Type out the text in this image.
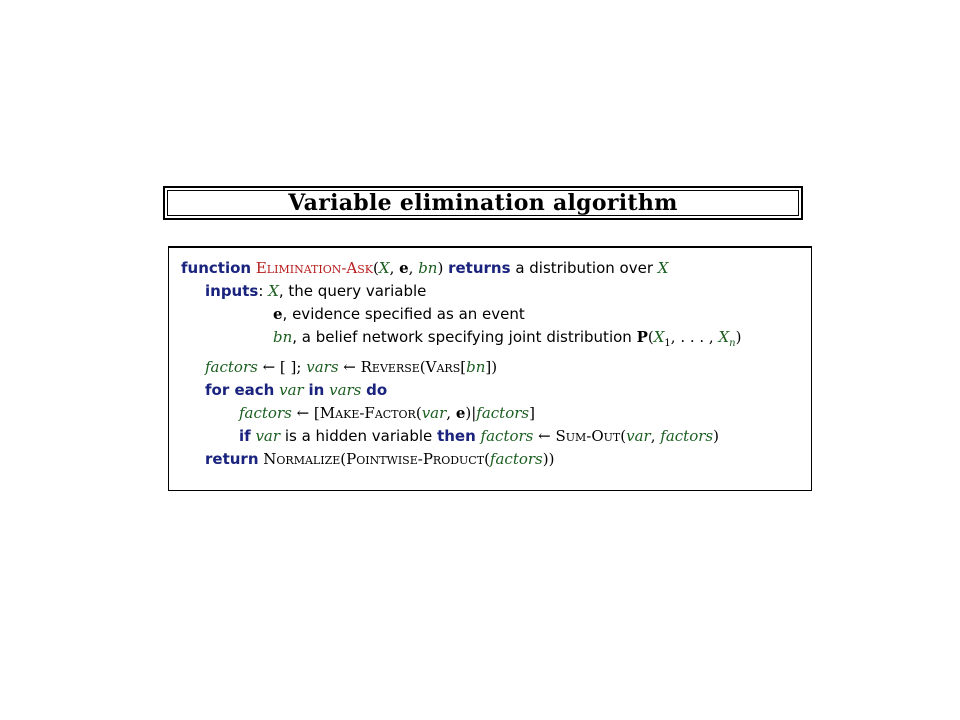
Variable elimination algorithm
function Elimination-Ask(X, e, bn) returns a distribution over X
inputs: X, the query variable
e, evidence specified as an event
bn, a belief network specifying joint distribution $P(X_1$, . . . , $X_n$)
factors ← [ ]; vars ← Reverse(Vars[bn])
for each var in vars do
factors ← [Make-Factor(var, e)|factors]
if var is a hidden variable then factors ← Sum-Out(var, factors)
return Normalize(Pointwise-Product(factors))
